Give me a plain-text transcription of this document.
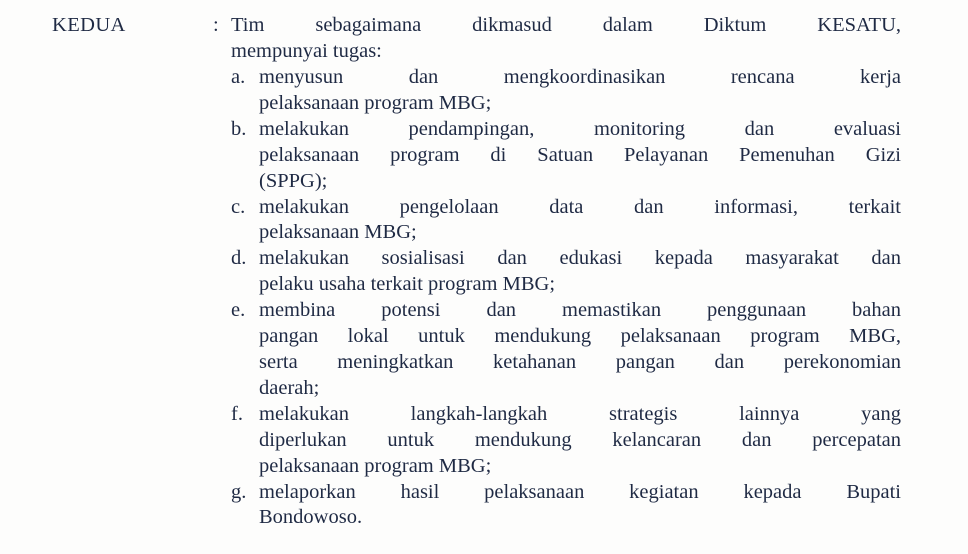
KEDUA	: Tim sebagaimana dikmasud dalam Diktum KESATU,
mempunyai tugas:
a. menyusun dan mengkoordinasikan rencana kerja
pelaksanaan program MBG;
b. melakukan pendampingan, monitoring dan evaluasi
pelaksanaan program di Satuan Pelayanan Pemenuhan Gizi
(SPPG);
c. melakukan pengelolaan data dan informasi, terkait
pelaksanaan MBG;
d. melakukan sosialisasi dan edukasi kepada masyarakat dan
pelaku usaha terkait program MBG;
e. membina potensi dan memastikan penggunaan bahan
pangan lokal untuk mendukung pelaksanaan program MBG,
serta meningkatkan ketahanan pangan dan perekonomian
daerah;
f. melakukan langkah-langkah strategis lainnya yang
diperlukan untuk mendukung kelancaran dan percepatan
pelaksanaan program MBG;
g. melaporkan hasil pelaksanaan kegiatan kepada Bupati
Bondowoso.
